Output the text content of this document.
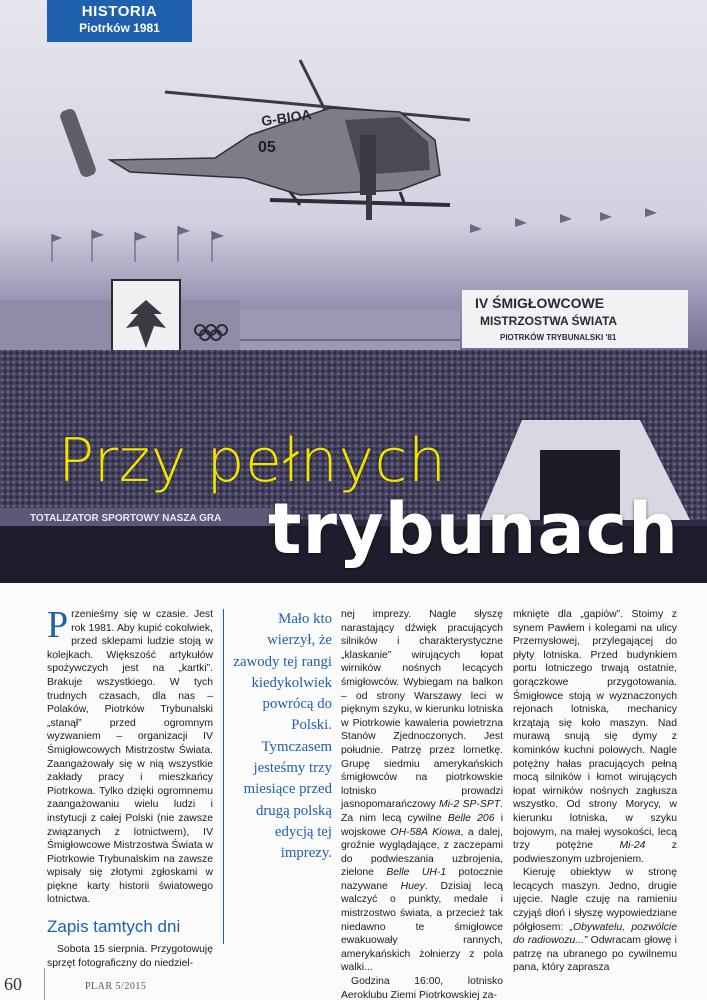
05
G-BIOA
IV ŚMIGŁOWCOWE
MISTRZOSTWA ŚWIATA
PIOTRKÓW TRYBUNALSKI '81
TOTALIZATOR SPORTOWY NASZA GRA
HISTORIA
Piotrków 1981
Przy pełnych
trybunach

Przenieśmy się w czasie. Jest rok 1981. Aby kupić cokolwiek, przed sklepami ludzie stoją w kolejkach. Większość artykułów spożywczych jest na „kartki”. Brakuje wszystkiego. W tych trudnych czasach, dla nas – Polaków, Piotrków Trybunalski „stanął” przed ogromnym wyzwaniem – organizacji IV Śmigłowcowych Mistrzostw Świata. Zaangażowały się w nią wszystkie zakłady pracy i mieszkańcy Piotrkowa. Tylko dzięki ogromnemu zaangażowaniu wielu ludzi i instytucji z całej Polski (nie zawsze związanych z lotnictwem), IV Śmigłowcowe Mistrzostwa Świata w Piotrkowie Trybunalskim na zawsze wpisały się złotymi zgłoskami w piękne karty historii światowego lotnictwa.

Zapis tamtych dni

Sobota 15 sierpnia. Przygotowuję sprzęt fotograficzny do niedziel-

Mało kto wierzył, że zawody tej rangi kiedykolwiek powrócą do Polski. Tymczasem jesteśmy trzy miesiące przed drugą polską edycją tej imprezy.

nej imprezy. Nagle słyszę narastający dźwięk pracujących silników i charakterystyczne „klaskanie” wirujących łopat wirników nośnych lecących śmigłowców. Wybiegam na balkon – od strony Warszawy leci w pięknym szyku, w kierunku lotniska w Piotrkowie kawaleria powietrzna Stanów Zjednoczonych. Jest południe. Patrzę przez lornetkę. Grupę siedmiu amerykańskich śmigłowców na piotrkowskie lotnisko prowadzi jasnopomarańczowy Mi-2 SP-SPT. Za nim lecą cywilne Belle 206 i wojskowe OH-58A Kiowa, a dalej, groźnie wyglądające, z zaczepami do podwieszania uzbrojenia, zielone Belle UH-1 potocznie nazywane Huey. Dzisiaj lecą walczyć o punkty, medale i mistrzostwo świata, a przecież tak niedawno te śmigłowce ewakuowały rannych, amerykańskich żołnierzy z pola walki...

Godzina 16:00, lotnisko Aeroklubu Ziemi Piotrkowskiej za-

mknięte dla „gapiów”. Stoimy z synem Pawłem i kolegami na ulicy Przemysłowej, przylegającej do płyty lotniska. Przed budynkiem portu lotniczego trwają ostatnie, gorączkowe przygotowania. Śmigłowce stoją w wyznaczonych rejonach lotniska, mechanicy krzątają się koło maszyn. Nad murawą snują się dymy z kominków kuchni polowych. Nagle potężny hałas pracujących pełną mocą silników i łomot wirujących łopat wirników nośnych zagłusza wszystko. Od strony Morycy, w kierunku lotniska, w szyku bojowym, na małej wysokości, lecą trzy potężne Mi-24 z podwieszonym uzbrojeniem.

Kieruję obiektyw w stronę lecących maszyn. Jedno, drugie ujęcie. Nagle czuję na ramieniu czyjąś dłoń i słyszę wypowiedziane półgłosem: „Obywatelu, pozwólcie do radiowozu...” Odwracam głowę i patrzę na ubranego po cywilnemu pana, który zaprasza

60	PLAR 5/2015
